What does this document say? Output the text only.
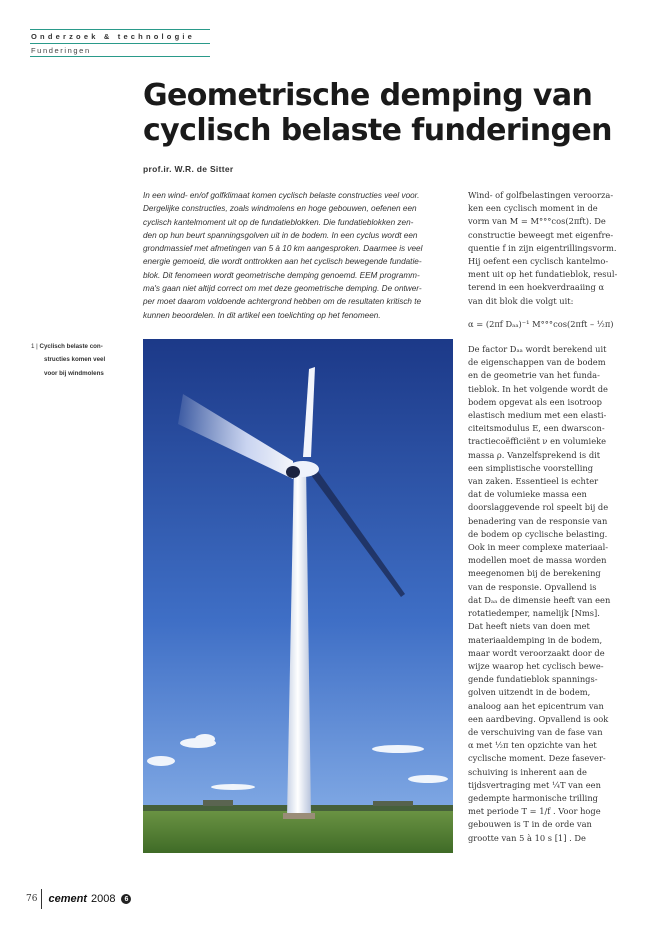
Onderzoek & technologie
Funderingen
Geometrische demping van
cyclisch belaste funderingen
prof.ir. W.R. de Sitter
In een wind- en/of golfklimaat komen cyclisch belaste constructies veel voor.
Dergelijke constructies, zoals windmolens en hoge gebouwen, oefenen een
cyclisch kantelmoment uit op de fundatieblokken. Die fundatieblokken zen-
den op hun beurt spanningsgolven uit in de bodem. In een cyclus wordt een
grondmassief met afmetingen van 5 à 10 km aangesproken. Daarmee is veel
energie gemoeid, die wordt onttrokken aan het cyclisch bewegende fundatie-
blok. Dit fenomeen wordt geometrische demping genoemd. EEM programm-
ma's gaan niet altijd correct om met deze geometrische demping. De ontwer-
per moet daarom voldoende achtergrond hebben om de resultaten kritisch te
kunnen beoordelen. In dit artikel een toelichting op het fenomeen.
1 | Cyclisch belaste con-
structies komen veel
voor bij windmolens
Wind- of golfbelastingen veroorza-
ken een cyclisch moment in de
vorm van M = M°°°cos(2πft). De
constructie beweegt met eigenfre-
quentie f in zijn eigentrillingsvorm.
Hij oefent een cyclisch kantelmo-
ment uit op het fundatieblok, resul-
terend in een hoekverdraaiing α
van dit blok die volgt uit:
α = (2πf Dₐₐ)⁻¹ M°°°cos(2πft – ½π)
De factor Dₐₐ wordt berekend uit
de eigenschappen van de bodem
en de geometrie van het funda-
tieblok. In het volgende wordt de
bodem opgevat als een isotroop
elastisch medium met een elasti-
citeitsmodulus E, een dwarscon-
tractiecoëfficiënt ν en volumieke
massa ρ. Vanzelfsprekend is dit
een simplistische voorstelling
van zaken. Essentieel is echter
dat de volumieke massa een
doorslaggevende rol speelt bij de
benadering van de responsie van
de bodem op cyclische belasting.
Ook in meer complexe materiaal-
modellen moet de massa worden
meegenomen bij de berekening
van de responsie. Opvallend is
dat Dₐₐ de dimensie heeft van een
rotatiedemper, namelijk [Nms].
Dat heeft niets van doen met
materiaaldemping in de bodem,
maar wordt veroorzaakt door de
wijze waarop het cyclisch bewe-
gende fundatieblok spannings-
golven uitzendt in de bodem,
analoog aan het epicentrum van
een aardbeving. Opvallend is ook
de verschuiving van de fase van
α met ½π ten opzichte van het
cyclische moment. Deze fasever-
schuiving is inherent aan de
tijdsvertraging met ¼T van een
gedempte harmonische trilling
met periode T = 1/f . Voor hoge
gebouwen is T in de orde van
grootte van 5 à 10 s [1] . De
76 cement 2008	6
